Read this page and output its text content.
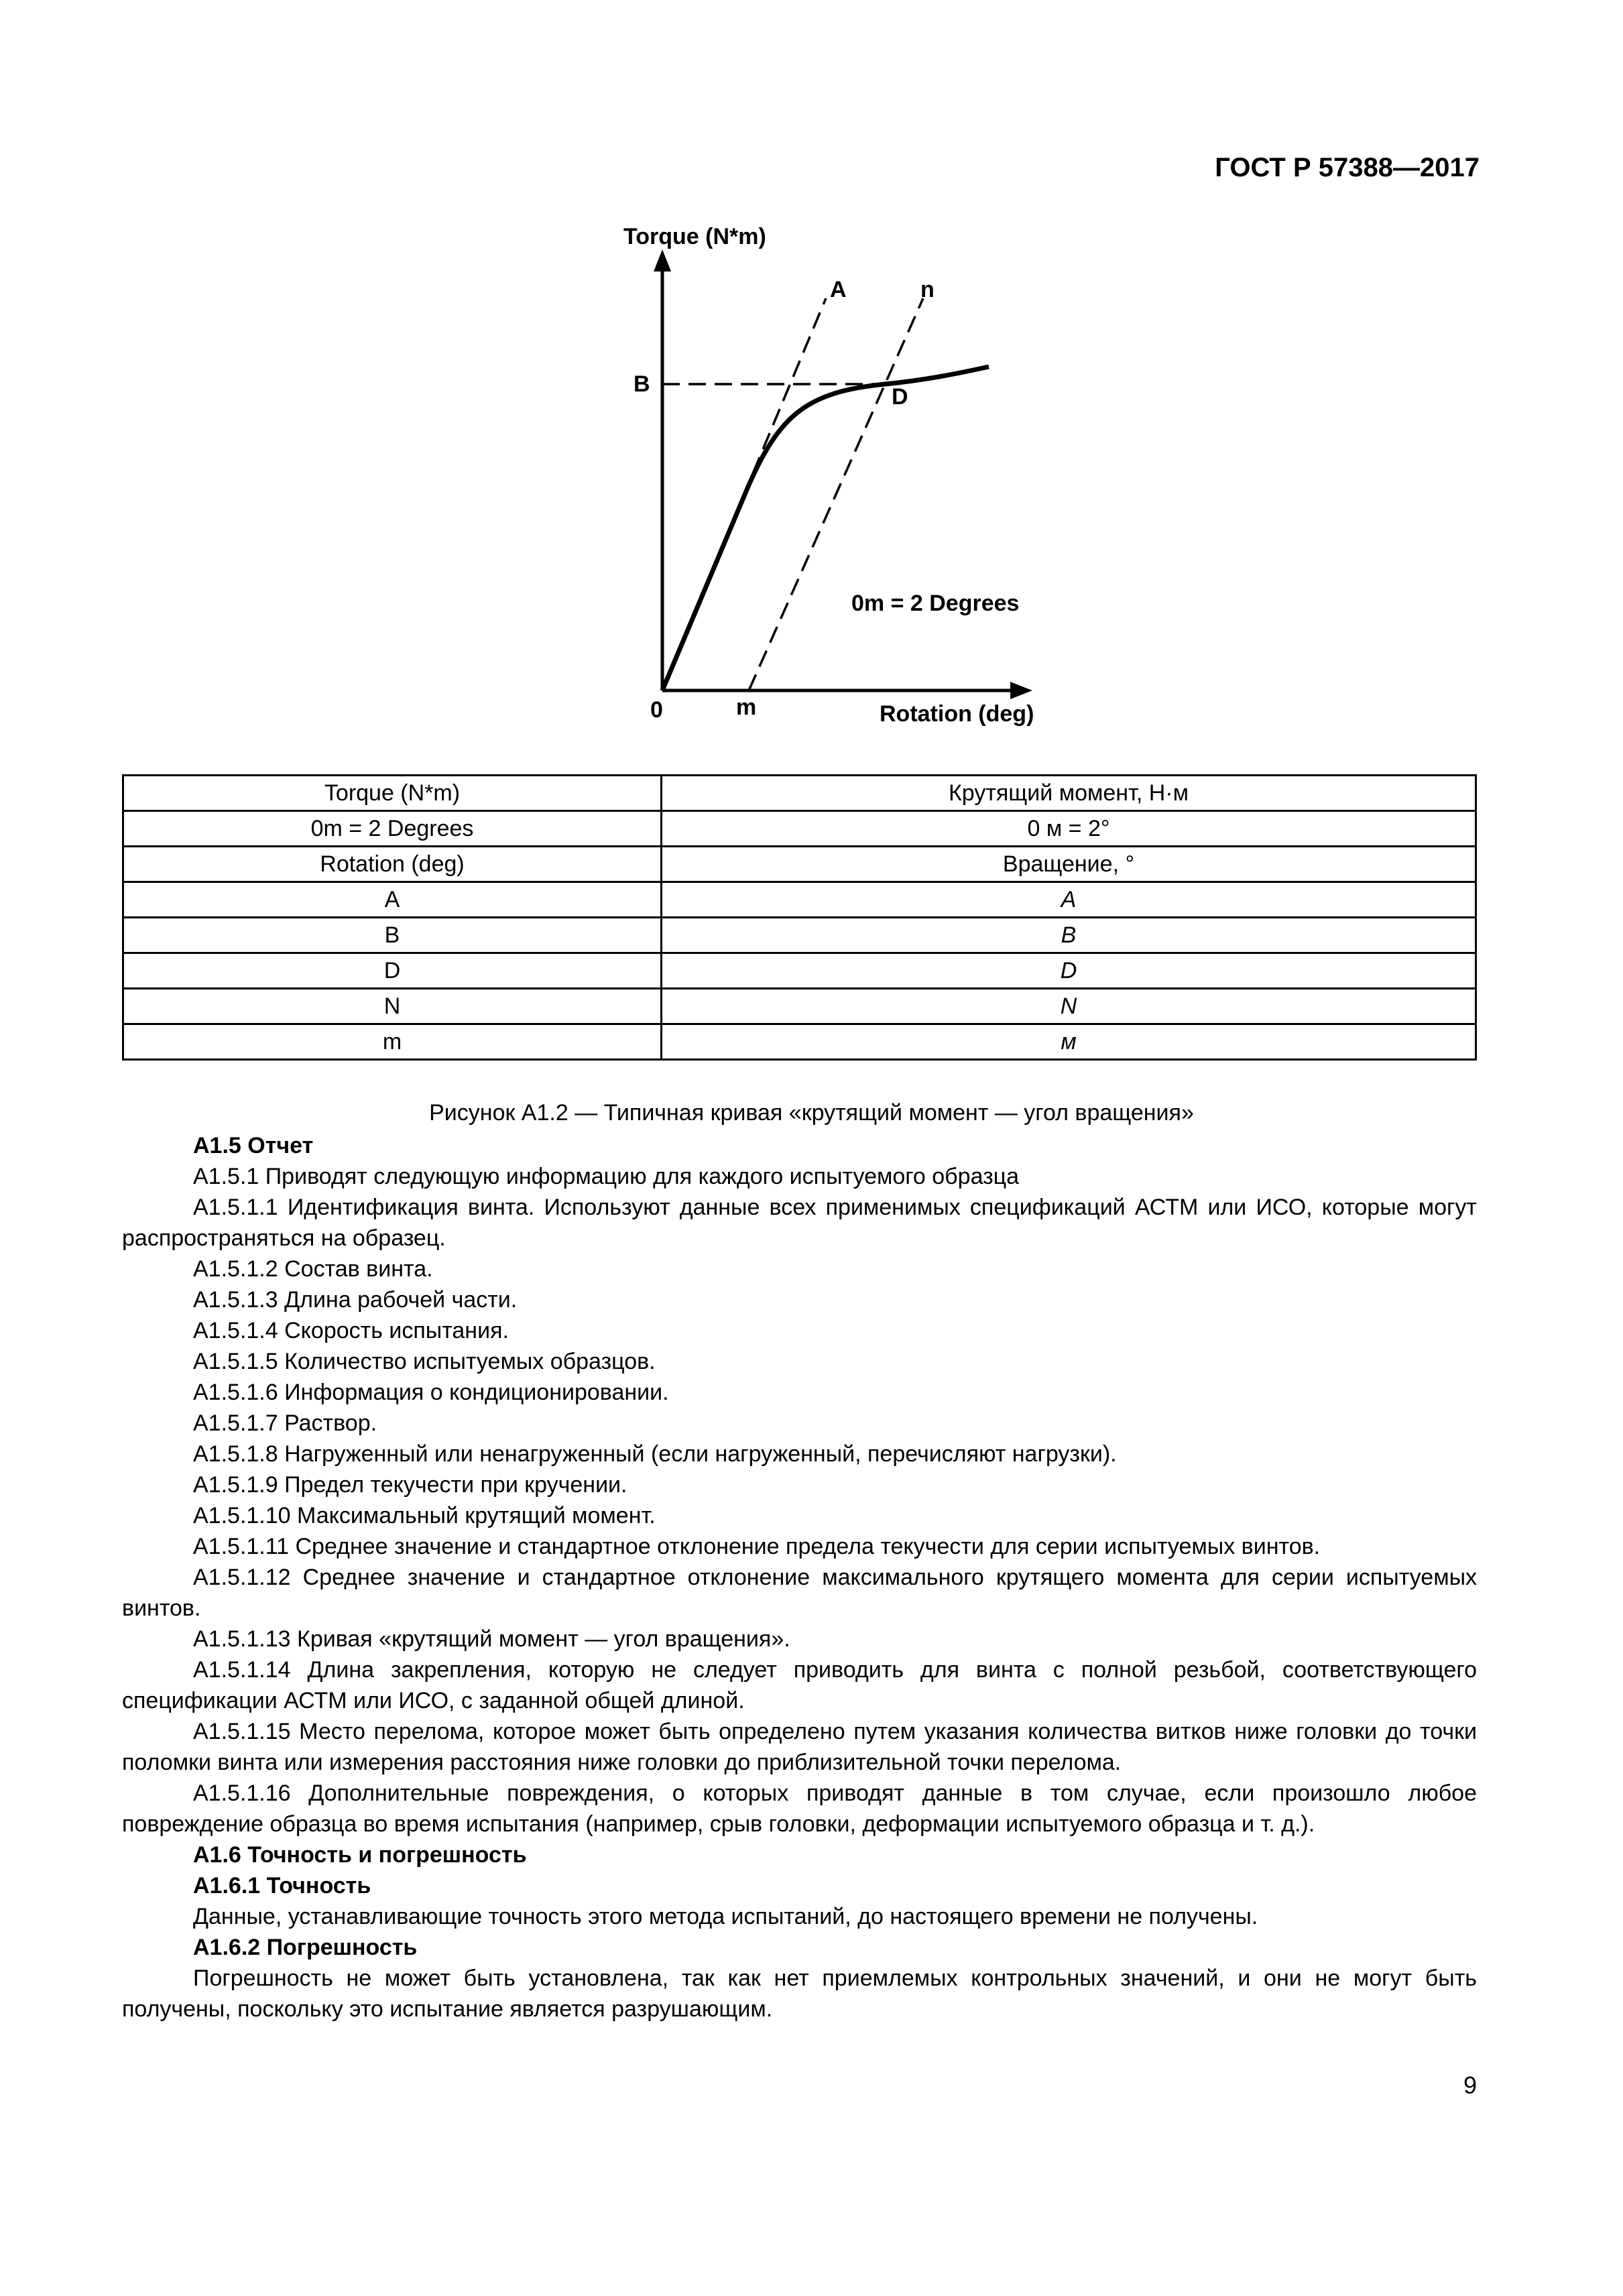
ГОСТ Р 57388—2017
Torque (N*m)
A	n
B	D
0m = 2 Degrees
0	m	Rotation (deg)
Torque (N*m)	Крутящий момент, H·м
0m = 2 Degrees	0 м = 2°
Rotation (deg)	Вращение, °
A	A
B	B
D	D
N	N
m	м
Рисунок А1.2 — Типичная кривая «крутящий момент — угол вращения»

А1.5 Отчет

А1.5.1 Приводят следующую информацию для каждого испытуемого образца

А1.5.1.1 Идентификация винта. Используют данные всех применимых спецификаций АСТМ или ИСО, которые могут распространяться на образец.

А1.5.1.2 Состав винта.

А1.5.1.3 Длина рабочей части.

А1.5.1.4 Скорость испытания.

А1.5.1.5 Количество испытуемых образцов.

А1.5.1.6 Информация о кондиционировании.

А1.5.1.7 Раствор.

А1.5.1.8 Нагруженный или ненагруженный (если нагруженный, перечисляют нагрузки).

А1.5.1.9 Предел текучести при кручении.

А1.5.1.10 Максимальный крутящий момент.

А1.5.1.11 Среднее значение и стандартное отклонение предела текучести для серии испытуемых винтов.

А1.5.1.12 Среднее значение и стандартное отклонение максимального крутящего момента для серии испытуемых винтов.

А1.5.1.13 Кривая «крутящий момент — угол вращения».

А1.5.1.14 Длина закрепления, которую не следует приводить для винта с полной резьбой, соответствующего спецификации АСТМ или ИСО, с заданной общей длиной.

А1.5.1.15 Место перелома, которое может быть определено путем указания количества витков ниже головки до точки поломки винта или измерения расстояния ниже головки до приблизительной точки перелома.

А1.5.1.16 Дополнительные повреждения, о которых приводят данные в том случае, если произошло любое повреждение образца во время испытания (например, срыв головки, деформации испытуемого образца и т. д.).

А1.6 Точность и погрешность

А1.6.1 Точность

Данные, устанавливающие точность этого метода испытаний, до настоящего времени не получены.

А1.6.2 Погрешность

Погрешность не может быть установлена, так как нет приемлемых контрольных значений, и они не могут быть получены, поскольку это испытание является разрушающим.

9
